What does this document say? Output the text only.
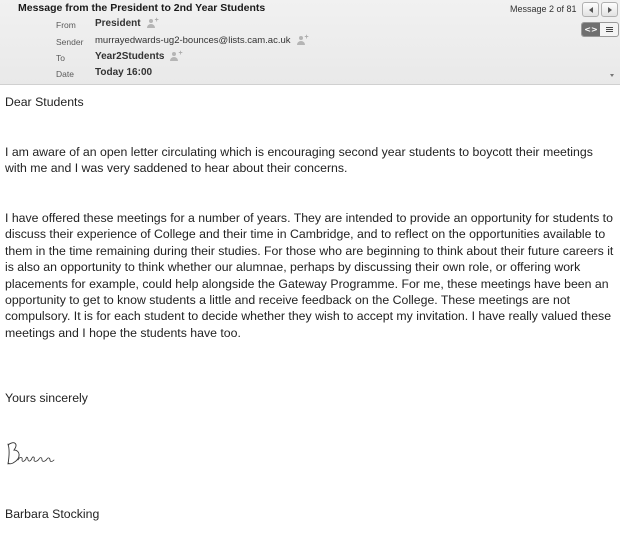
Message from the President to 2nd Year Students	Message 2 of 81
<>
From President +
Sender murrayedwards-ug2-bounces@lists.cam.ac.uk +
To	Year2Students +
Date Today 16:00

Dear Students

I am aware of an open letter circulating which is encouraging second year students to boycott their meetings with me and I was very saddened to hear about their concerns.

I have offered these meetings for a number of years. They are intended to provide an opportunity for students to discuss their experience of College and their time in Cambridge, and to reflect on the opportunities available to them in the time remaining during their studies. For those who are beginning to think about their future careers it is also an opportunity to think whether our alumnae, perhaps by discussing their own role, or offering work placements for example, could help alongside the Gateway Programme. For me, these meetings have been an opportunity to get to know students a little and receive feedback on the College. These meetings are not compulsory. It is for each student to decide whether they wish to accept my invitation. I have really valued these meetings and I hope the students have too.

Yours sincerely

Barbara Stocking
